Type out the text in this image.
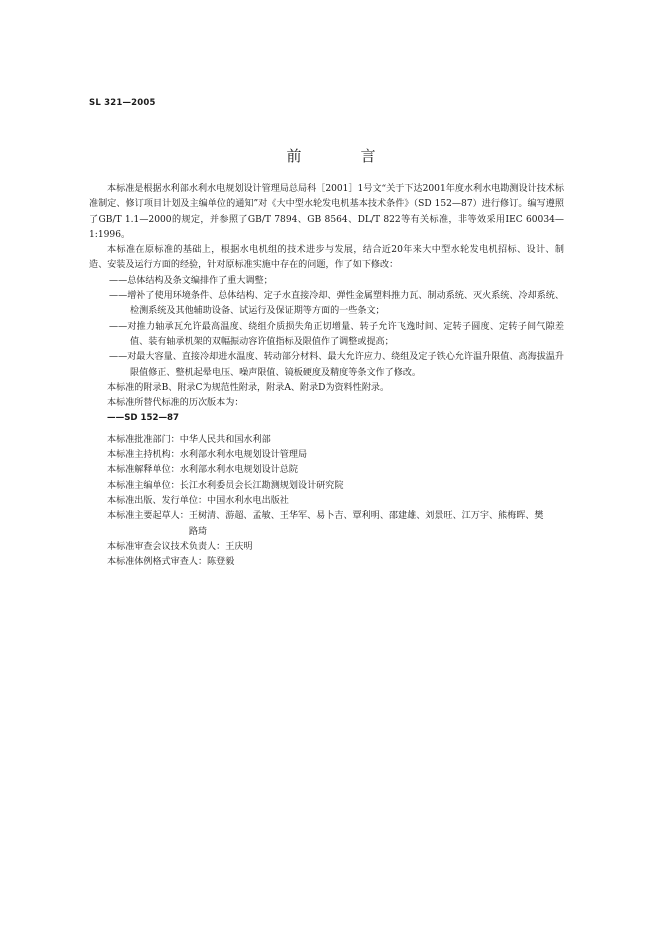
SL 321—2005
前　言

本标准是根据水利部水利水电规划设计管理局总局科［2001］1号文“关于下达2001年度水利水电勘测设计技术标准制定、修订项目计划及主编单位的通知”对《大中型水轮发电机基本技术条件》（SD 152—87）进行修订。编写遵照了GB/T 1.1—2000的规定，并参照了GB/T 7894、GB 8564、DL/T 822等有关标准，非等效采用IEC 60034—1:1996。

本标准在原标准的基础上，根据水电机组的技术进步与发展，结合近20年来大中型水轮发电机招标、设计、制造、安装及运行方面的经验，针对原标准实施中存在的问题，作了如下修改：

——总体结构及条文编排作了重大调整；

——增补了使用环境条件、总体结构、定子水直接冷却、弹性金属塑料推力瓦、制动系统、灭火系统、冷却系统、检测系统及其他辅助设备、试运行及保证期等方面的一些条文；

——对推力轴承瓦允许最高温度、绕组介质损失角正切增量、转子允许飞逸时间、定转子圆度、定转子间气隙差值、装有轴承机架的双幅振动容许值指标及限值作了调整或提高；

——对最大容量、直接冷却进水温度、转动部分材料、最大允许应力、绕组及定子铁心允许温升限值、高海拔温升限值修正、整机起晕电压、噪声限值、镜板硬度及精度等条文作了修改。

本标准的附录B、附录C为规范性附录，附录A、附录D为资料性附录。

本标准所替代标准的历次版本为：

——SD 152—87

本标准批准部门：中华人民共和国水利部

本标准主持机构：水利部水利水电规划设计管理局

本标准解释单位：水利部水利水电规划设计总院

本标准主编单位：长江水利委员会长江勘测规划设计研究院

本标准出版、发行单位：中国水利水电出版社

本标准主要起草人： 王树清、游超、孟敏、王华军、易卜吉、覃利明、邵建雄、刘景旺、江万宇、熊梅晖、樊路琦

本标准审查会议技术负责人：王庆明

本标准体例格式审查人：陈登毅
